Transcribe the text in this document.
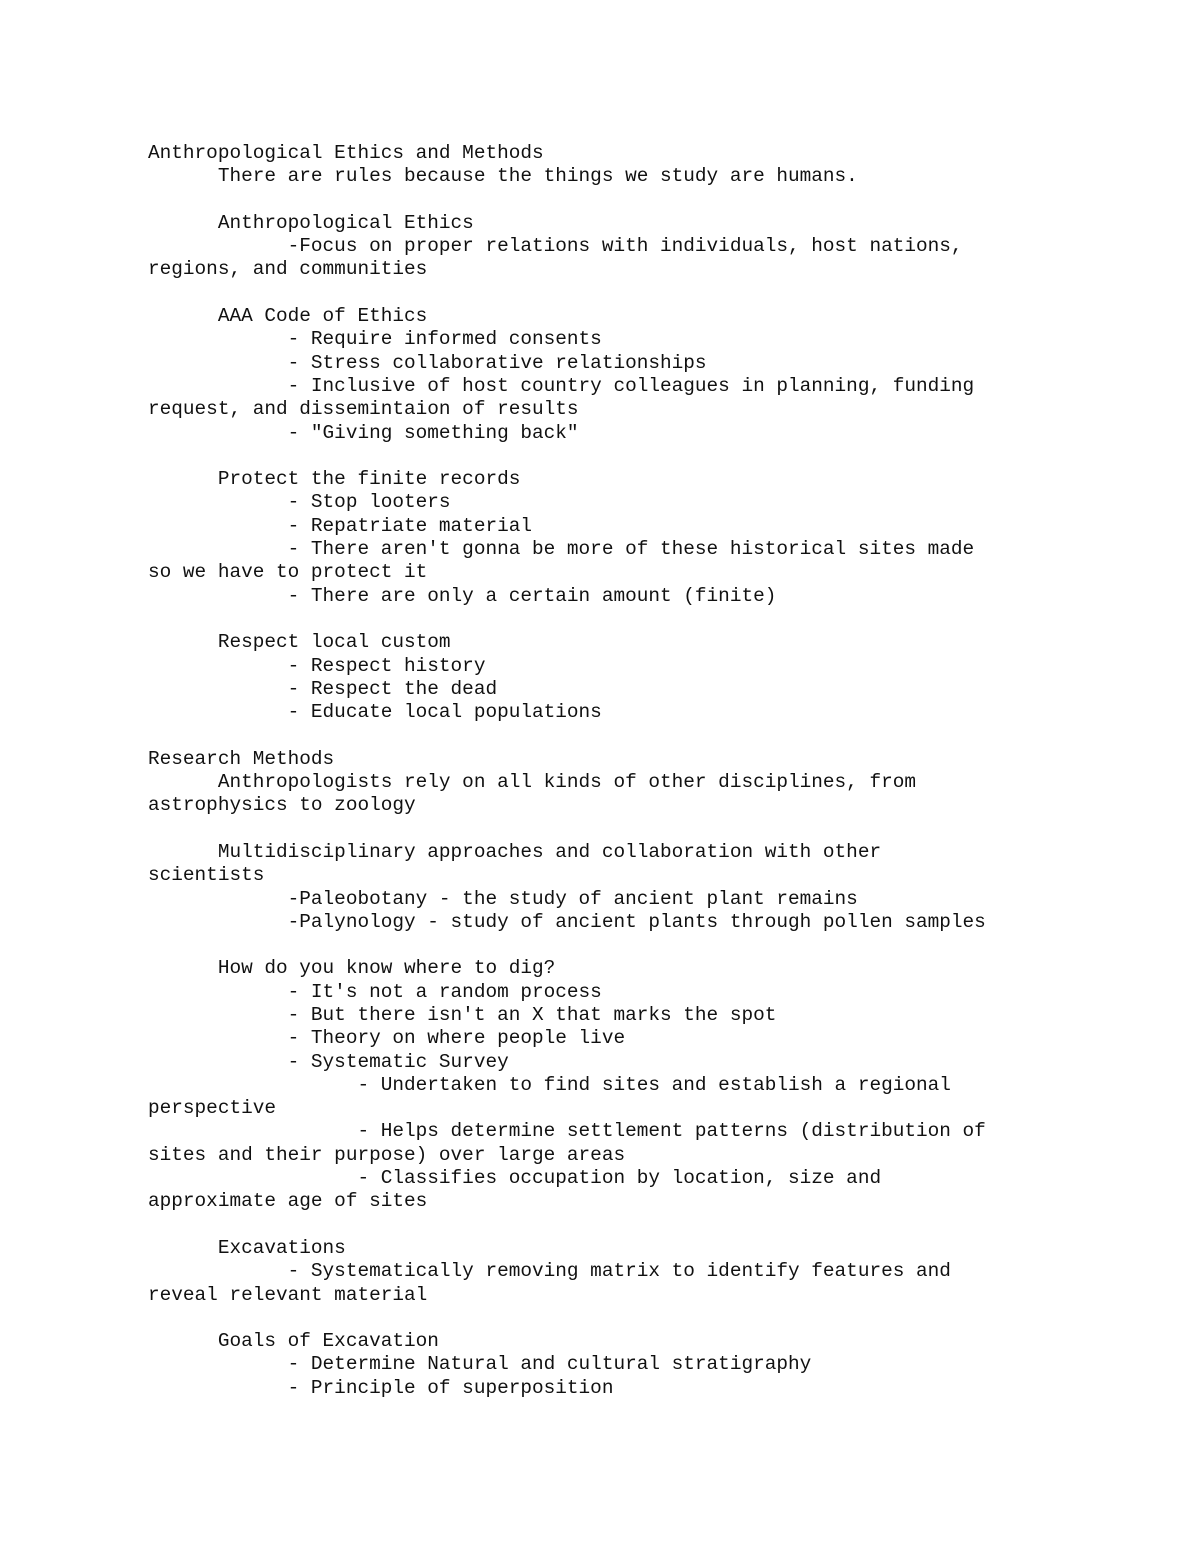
Anthropological Ethics and Methods
There are rules because the things we study are humans.
Anthropological Ethics
-Focus on proper relations with individuals, host nations,
regions, and communities
AAA Code of Ethics
- Require informed consents
- Stress collaborative relationships
- Inclusive of host country colleagues in planning, funding
request, and dissemintaion of results
- "Giving something back"
Protect the finite records
- Stop looters
- Repatriate material
- There aren't gonna be more of these historical sites made
so we have to protect it
- There are only a certain amount (finite)
Respect local custom
- Respect history
- Respect the dead
- Educate local populations
Research Methods
Anthropologists rely on all kinds of other disciplines, from
astrophysics to zoology
Multidisciplinary approaches and collaboration with other
scientists
-Paleobotany - the study of ancient plant remains
-Palynology - study of ancient plants through pollen samples
How do you know where to dig?
- It's not a random process
- But there isn't an X that marks the spot
- Theory on where people live
- Systematic Survey
- Undertaken to find sites and establish a regional
perspective
- Helps determine settlement patterns (distribution of
sites and their purpose) over large areas
- Classifies occupation by location, size and
approximate age of sites
Excavations
- Systematically removing matrix to identify features and
reveal relevant material
Goals of Excavation
- Determine Natural and cultural stratigraphy
- Principle of superposition
